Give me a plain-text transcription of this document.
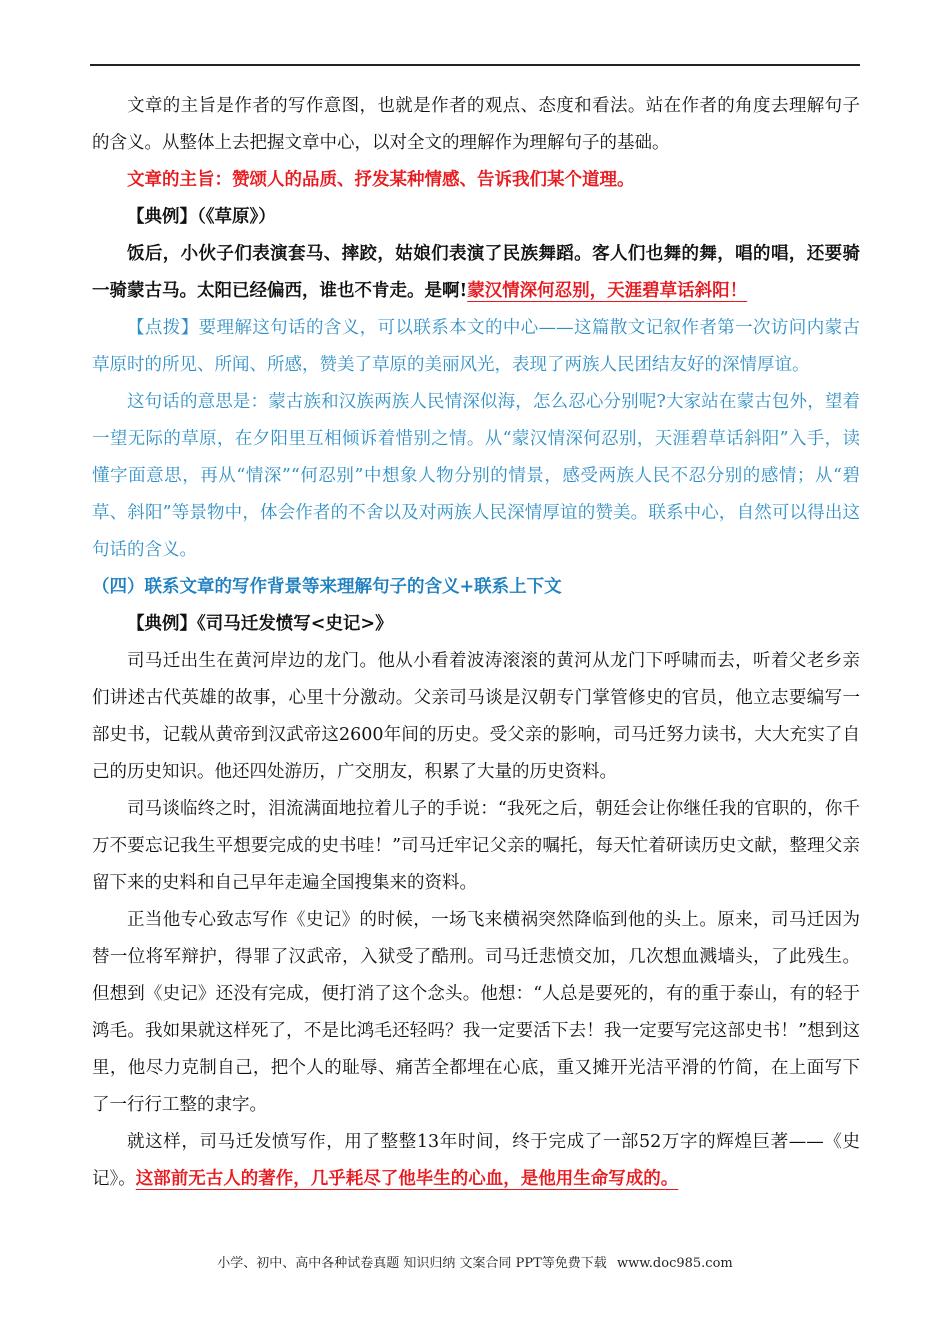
文章的主旨是作者的写作意图，也就是作者的观点、态度和看法。站在作者的角度去理解句子的含义。从整体上去把握文章中心，以对全文的理解作为理解句子的基础。

文章的主旨：赞颂人的品质、抒发某种情感、告诉我们某个道理。

【典例】（《草原》）

饭后，小伙子们表演套马、摔跤，姑娘们表演了民族舞蹈。客人们也舞的舞，唱的唱，还要骑一骑蒙古马。太阳已经偏西，谁也不肯走。是啊!蒙汉情深何忍别，天涯碧草话斜阳！

【点拨】要理解这句话的含义，可以联系本文的中心——这篇散文记叙作者第一次访问内蒙古草原时的所见、所闻、所感，赞美了草原的美丽风光，表现了两族人民团结友好的深情厚谊。

这句话的意思是：蒙古族和汉族两族人民情深似海，怎么忍心分别呢?大家站在蒙古包外，望着一望无际的草原，在夕阳里互相倾诉着惜别之情。从“蒙汉情深何忍别，天涯碧草话斜阳”入手，读懂字面意思，再从“情深”“何忍别”中想象人物分别的情景，感受两族人民不忍分别的感情；从“碧草、斜阳”等景物中，体会作者的不舍以及对两族人民深情厚谊的赞美。联系中心，自然可以得出这句话的含义。

（四）联系文章的写作背景等来理解句子的含义+联系上下文

【典例】《司马迁发愤写<史记>》

司马迁出生在黄河岸边的龙门。他从小看着波涛滚滚的黄河从龙门下呼啸而去，听着父老乡亲们讲述古代英雄的故事，心里十分激动。父亲司马谈是汉朝专门掌管修史的官员，他立志要编写一部史书，记载从黄帝到汉武帝这2600年间的历史。受父亲的影响，司马迁努力读书，大大充实了自己的历史知识。他还四处游历，广交朋友，积累了大量的历史资料。

司马谈临终之时，泪流满面地拉着儿子的手说：“我死之后，朝廷会让你继任我的官职的，你千万不要忘记我生平想要完成的史书哇！”司马迁牢记父亲的嘱托，每天忙着研读历史文献，整理父亲留下来的史料和自己早年走遍全国搜集来的资料。

正当他专心致志写作《史记》的时候，一场飞来横祸突然降临到他的头上。原来，司马迁因为替一位将军辩护，得罪了汉武帝，入狱受了酷刑。司马迁悲愤交加，几次想血溅墙头，了此残生。但想到《史记》还没有完成，便打消了这个念头。他想：“人总是要死的，有的重于泰山，有的轻于鸿毛。我如果就这样死了，不是比鸿毛还轻吗？我一定要活下去！我一定要写完这部史书！”想到这里，他尽力克制自己，把个人的耻辱、痛苦全都埋在心底，重又摊开光洁平滑的竹简，在上面写下了一行行工整的隶字。

就这样，司马迁发愤写作，用了整整13年时间，终于完成了一部52万字的辉煌巨著——《史记》。这部前无古人的著作，几乎耗尽了他毕生的心血，是他用生命写成的。

小学、初中、高中各种试卷真题 知识归纳 文案合同 PPT等免费下载 www.doc985.com
